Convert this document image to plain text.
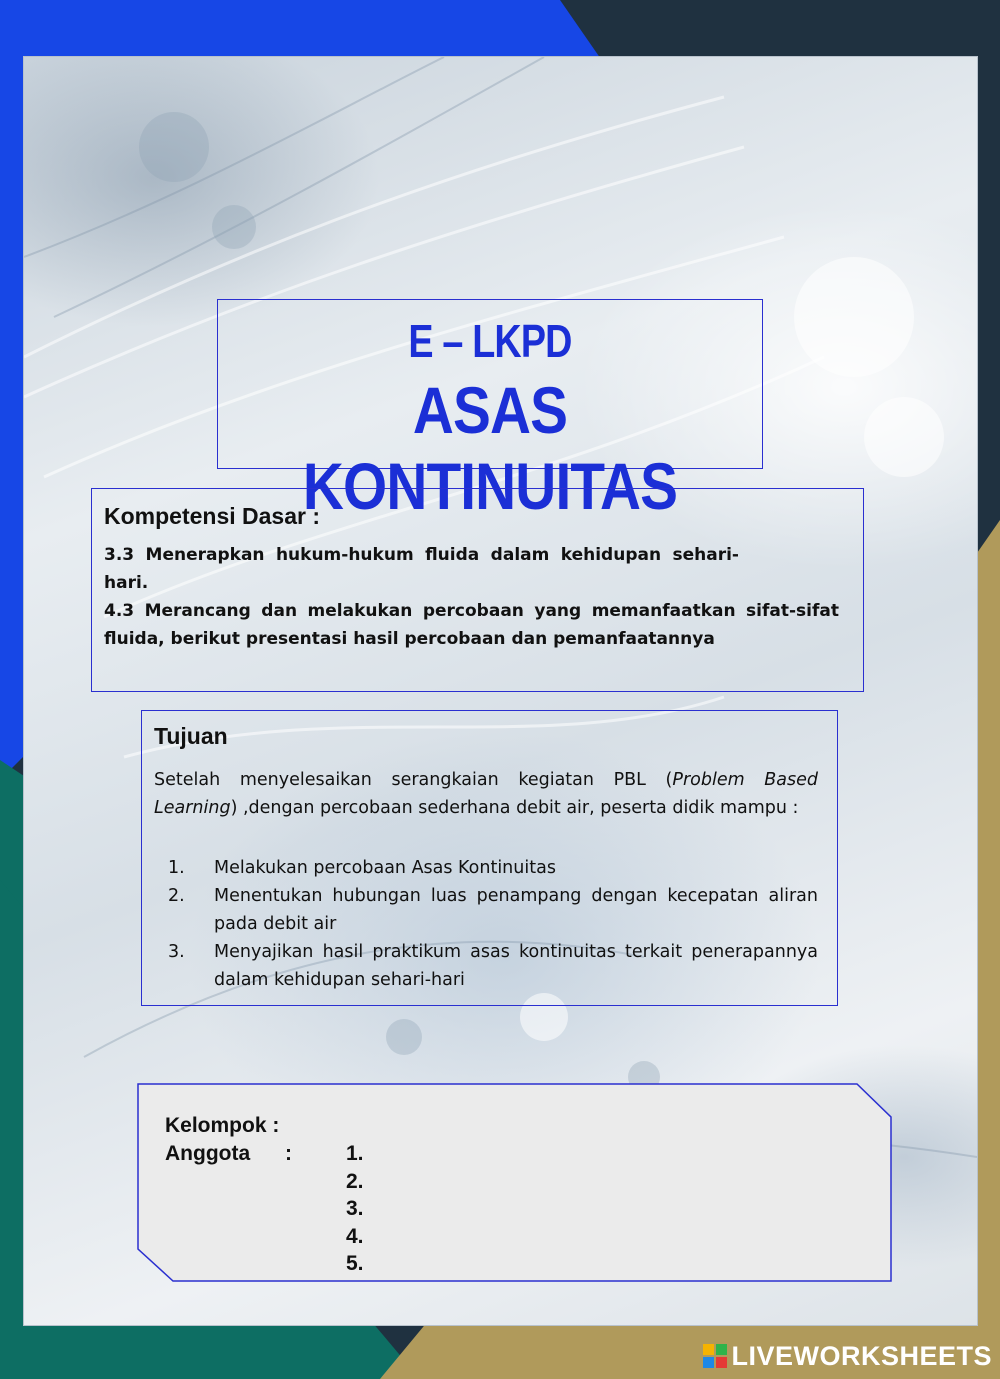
E – LKPD
ASAS KONTINUITAS
Kompetensi Dasar :
3.3 Menerapkan hukum-hukum fluida dalam kehidupan sehari-hari.
4.3 Merancang dan melakukan percobaan yang memanfaatkan sifat-sifat fluida, berikut presentasi hasil percobaan dan pemanfaatannya
Tujuan
Setelah menyelesaikan serangkaian kegiatan PBL (Problem Based Learning) ,dengan percobaan sederhana debit air, peserta didik mampu :
1. Melakukan percobaan Asas Kontinuitas
2. Menentukan hubungan luas penampang dengan kecepatan aliran pada debit air
3. Menyajikan hasil praktikum asas kontinuitas terkait penerapannya dalam kehidupan sehari-hari
Kelompok :
Anggota :	1.
2.
3.
4.
5.
LIVEWORKSHEETS
